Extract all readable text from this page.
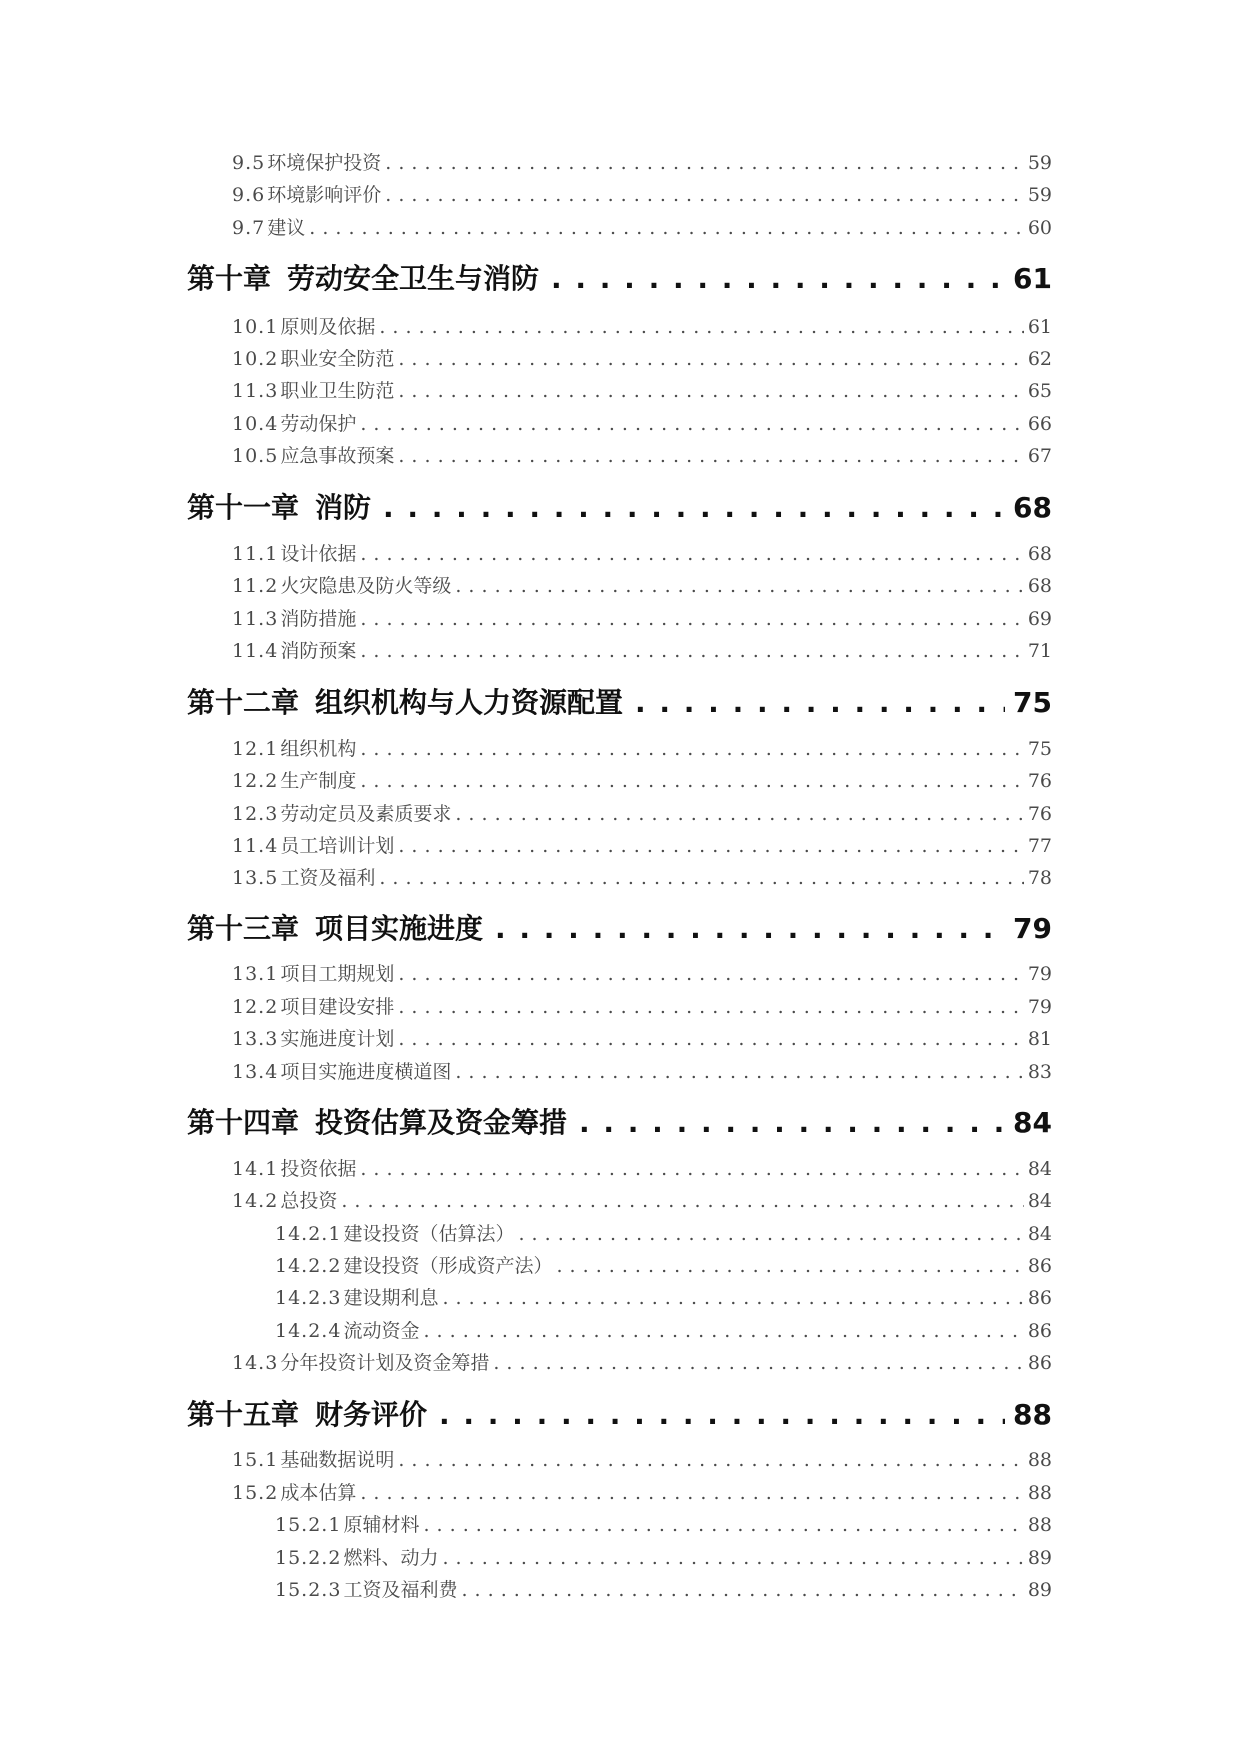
9.5 环境保护投资 . . .	59
9.6 环境影响评价 . . .	59
9.7 建议 . . .	60
第十章 劳动安全卫生与消防 . . .	61
10.1 原则及依据 . . .	61
10.2 职业安全防范 . . .	62
11.3 职业卫生防范 . . .	65
10.4 劳动保护 . . .	66
10.5 应急事故预案 . . .	67
第十一章 消防 . . .	68
11.1 设计依据 . . .	68
11.2 火灾隐患及防火等级 . . .	68
11.3 消防措施 . . .	69
11.4 消防预案 . . .	71
第十二章 组织机构与人力资源配置 . . .	75
12.1 组织机构 . . .	75
12.2 生产制度 . . .	76
12.3 劳动定员及素质要求 . . .	76
11.4 员工培训计划 . . .	77
13.5 工资及福利 . . .	78
第十三章 项目实施进度 . . .	79
13.1 项目工期规划 . . .	79
12.2 项目建设安排 . . .	79
13.3 实施进度计划 . . .	81
13.4 项目实施进度横道图 . . .	83
第十四章 投资估算及资金筹措 . . .	84
14.1 投资依据 . . .	84
14.2 总投资 . . .	84
14.2.1 建设投资（估算法） . . .	84
14.2.2 建设投资（形成资产法） . . .	86
14.2.3 建设期利息 . . .	86
14.2.4 流动资金 . . .	86
14.3 分年投资计划及资金筹措 . . .	86
第十五章 财务评价 . . .	88
15.1 基础数据说明 . . .	88
15.2 成本估算 . . .	88
15.2.1 原辅材料 . . .	88
15.2.2 燃料、动力 . . .	89
15.2.3 工资及福利费 . . .	89
